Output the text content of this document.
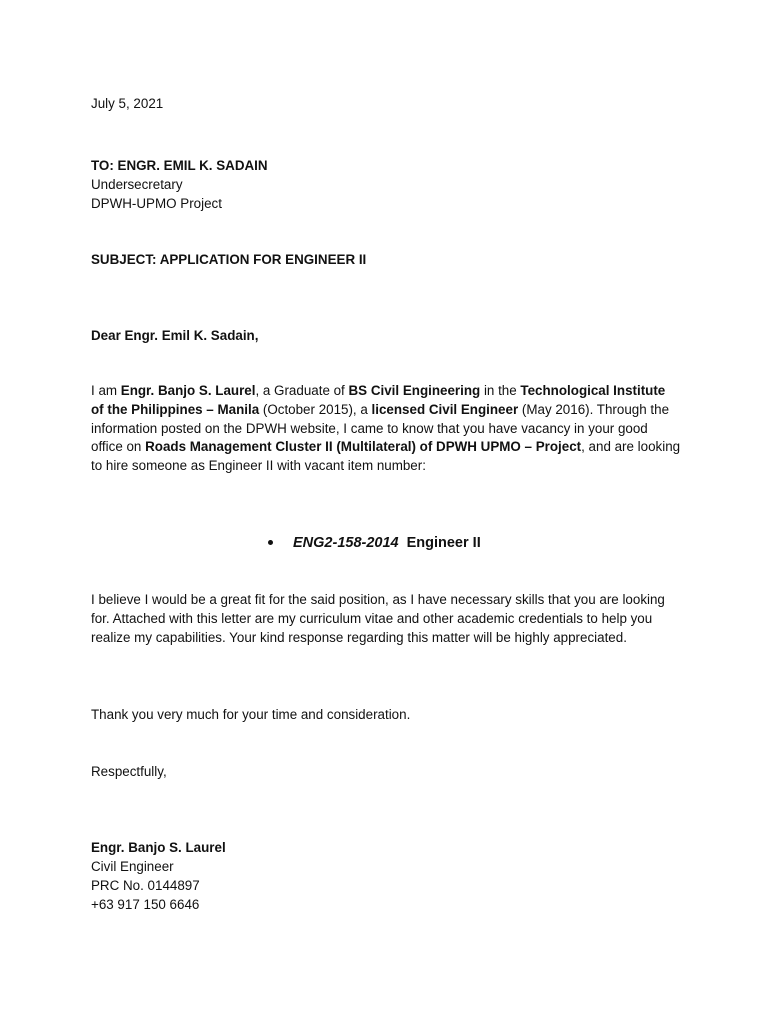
July 5, 2021
TO: ENGR. EMIL K. SADAIN
Undersecretary
DPWH-UPMO Project
SUBJECT: APPLICATION FOR ENGINEER II
Dear Engr. Emil K. Sadain,
I am Engr. Banjo S. Laurel, a Graduate of BS Civil Engineering in the Technological Institute of the Philippines – Manila (October 2015), a licensed Civil Engineer (May 2016). Through the information posted on the DPWH website, I came to know that you have vacancy in your good office on Roads Management Cluster II (Multilateral) of DPWH UPMO – Project, and are looking to hire someone as Engineer II with vacant item number:
ENG2-158-2014 Engineer II
I believe I would be a great fit for the said position, as I have necessary skills that you are looking for. Attached with this letter are my curriculum vitae and other academic credentials to help you realize my capabilities. Your kind response regarding this matter will be highly appreciated.
Thank you very much for your time and consideration.
Respectfully,
Engr. Banjo S. Laurel
Civil Engineer
PRC No. 0144897
+63 917 150 6646
